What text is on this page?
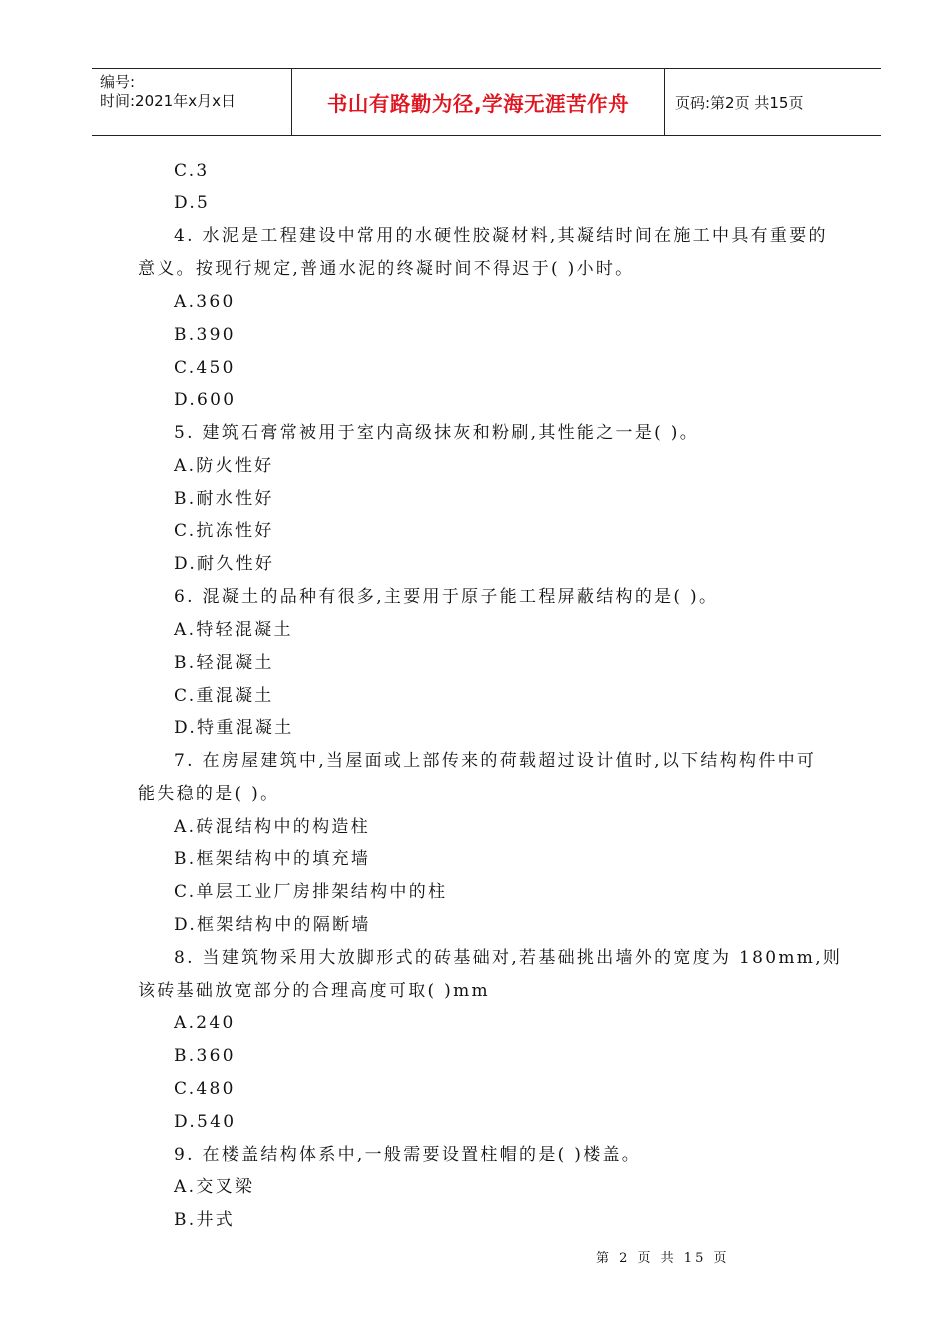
编号:
时间:2021年x月x日	书山有路勤为径,学海无涯苦作舟	页码:第2页 共15页
C.3
D.5
4. 水泥是工程建设中常用的水硬性胶凝材料,其凝结时间在施工中具有重要的
意义。按现行规定,普通水泥的终凝时间不得迟于( )小时。
A.360
B.390
C.450
D.600
5. 建筑石膏常被用于室内高级抹灰和粉刷,其性能之一是( )。
A.防火性好
B.耐水性好
C.抗冻性好
D.耐久性好
6. 混凝土的品种有很多,主要用于原子能工程屏蔽结构的是( )。
A.特轻混凝土
B.轻混凝土
C.重混凝土
D.特重混凝土
7. 在房屋建筑中,当屋面或上部传来的荷载超过设计值时,以下结构构件中可
能失稳的是( )。
A.砖混结构中的构造柱
B.框架结构中的填充墙
C.单层工业厂房排架结构中的柱
D.框架结构中的隔断墙
8. 当建筑物采用大放脚形式的砖基础对,若基础挑出墙外的宽度为 180mm,则
该砖基础放宽部分的合理高度可取( )mm
A.240
B.360
C.480
D.540
9. 在楼盖结构体系中,一般需要设置柱帽的是( )楼盖。
A.交叉梁
B.井式
第 2 页 共 15 页
